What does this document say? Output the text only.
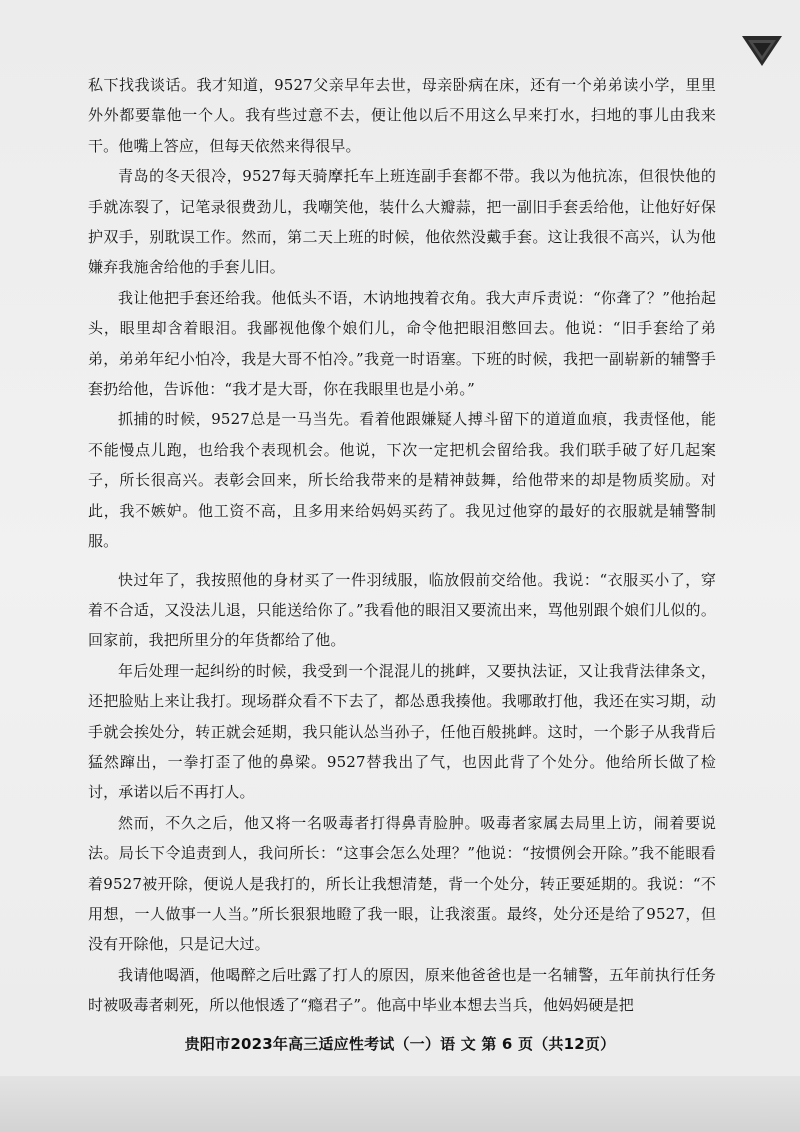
私下找我谈话。我才知道，9527父亲早年去世，母亲卧病在床，还有一个弟弟读小学，里里外外都要靠他一个人。我有些过意不去，便让他以后不用这么早来打水，扫地的事儿由我来干。他嘴上答应，但每天依然来得很早。

青岛的冬天很冷，9527每天骑摩托车上班连副手套都不带。我以为他抗冻，但很快他的手就冻裂了，记笔录很费劲儿，我嘲笑他，装什么大瓣蒜，把一副旧手套丢给他，让他好好保护双手，别耽误工作。然而，第二天上班的时候，他依然没戴手套。这让我很不高兴，认为他嫌弃我施舍给他的手套儿旧。

我让他把手套还给我。他低头不语，木讷地拽着衣角。我大声斥责说：“你聋了？”他抬起头，眼里却含着眼泪。我鄙视他像个娘们儿，命令他把眼泪憋回去。他说：“旧手套给了弟弟，弟弟年纪小怕冷，我是大哥不怕冷。”我竟一时语塞。下班的时候，我把一副崭新的辅警手套扔给他，告诉他：“我才是大哥，你在我眼里也是小弟。”

抓捕的时候，9527总是一马当先。看着他跟嫌疑人搏斗留下的道道血痕，我责怪他，能不能慢点儿跑，也给我个表现机会。他说，下次一定把机会留给我。我们联手破了好几起案子，所长很高兴。表彰会回来，所长给我带来的是精神鼓舞，给他带来的却是物质奖励。对此，我不嫉妒。他工资不高，且多用来给妈妈买药了。我见过他穿的最好的衣服就是辅警制服。

快过年了，我按照他的身材买了一件羽绒服，临放假前交给他。我说：“衣服买小了，穿着不合适，又没法儿退，只能送给你了。”我看他的眼泪又要流出来，骂他别跟个娘们儿似的。回家前，我把所里分的年货都给了他。

年后处理一起纠纷的时候，我受到一个混混儿的挑衅，又要执法证，又让我背法律条文，还把脸贴上来让我打。现场群众看不下去了，都怂恿我揍他。我哪敢打他，我还在实习期，动手就会挨处分，转正就会延期，我只能认怂当孙子，任他百般挑衅。这时，一个影子从我背后猛然蹿出，一拳打歪了他的鼻梁。9527替我出了气，也因此背了个处分。他给所长做了检讨，承诺以后不再打人。

然而，不久之后，他又将一名吸毒者打得鼻青脸肿。吸毒者家属去局里上访，闹着要说法。局长下令追责到人，我问所长：“这事会怎么处理？”他说：“按惯例会开除。”我不能眼看着9527被开除，便说人是我打的，所长让我想清楚，背一个处分，转正要延期的。我说：“不用想，一人做事一人当。”所长狠狠地瞪了我一眼，让我滚蛋。最终，处分还是给了9527，但没有开除他，只是记大过。

我请他喝酒，他喝醉之后吐露了打人的原因，原来他爸爸也是一名辅警，五年前执行任务时被吸毒者刺死，所以他恨透了“瘾君子”。他高中毕业本想去当兵，他妈妈硬是把

贵阳市2023年高三适应性考试（一）语 文 第 6 页（共12页）
